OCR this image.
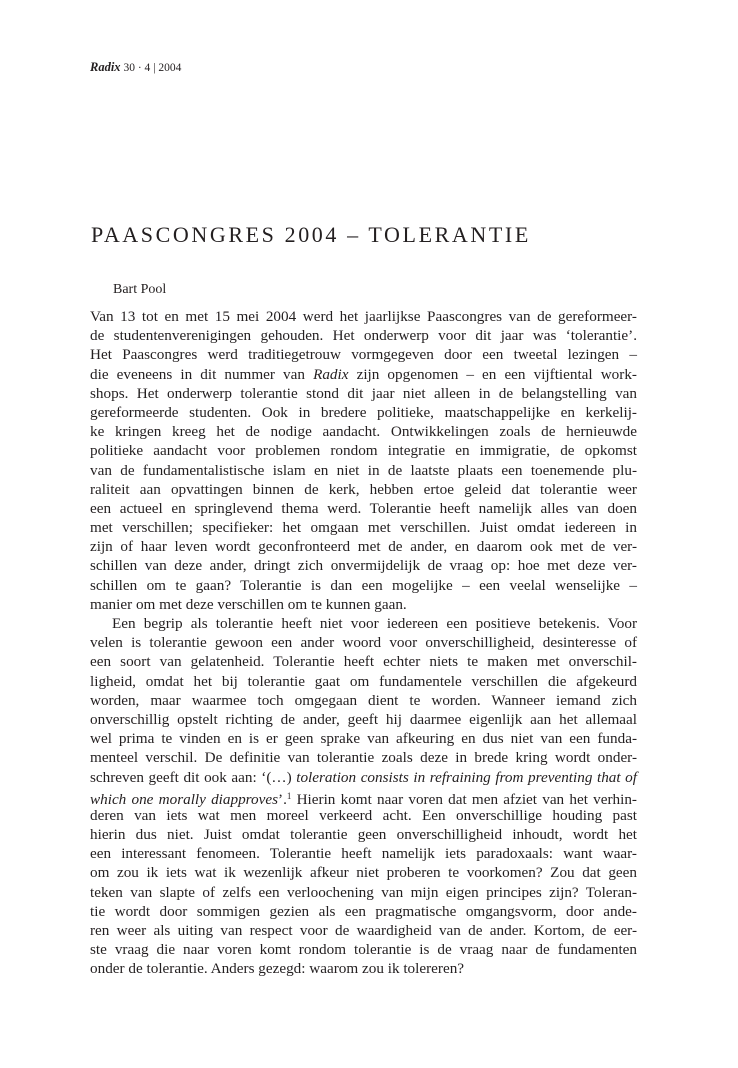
Radix 30 · 4 | 2004
PAASCONGRES 2004 – TOLERANTIE
Bart Pool
Van 13 tot en met 15 mei 2004 werd het jaarlijkse Paascongres van de gereformeer-
de studentenverenigingen gehouden. Het onderwerp voor dit jaar was ‘tolerantie’.
Het Paascongres werd traditiegetrouw vormgegeven door een tweetal lezingen –
die eveneens in dit nummer van Radix zijn opgenomen – en een vijftiental work-
shops. Het onderwerp tolerantie stond dit jaar niet alleen in de belangstelling van
gereformeerde studenten. Ook in bredere politieke, maatschappelijke en kerkelij-
ke kringen kreeg het de nodige aandacht. Ontwikkelingen zoals de hernieuwde
politieke aandacht voor problemen rondom integratie en immigratie, de opkomst
van de fundamentalistische islam en niet in de laatste plaats een toenemende plu-
raliteit aan opvattingen binnen de kerk, hebben ertoe geleid dat tolerantie weer
een actueel en springlevend thema werd. Tolerantie heeft namelijk alles van doen
met verschillen; specifieker: het omgaan met verschillen. Juist omdat iedereen in
zijn of haar leven wordt geconfronteerd met de ander, en daarom ook met de ver-
schillen van deze ander, dringt zich onvermijdelijk de vraag op: hoe met deze ver-
schillen om te gaan? Tolerantie is dan een mogelijke – een veelal wenselijke –
manier om met deze verschillen om te kunnen gaan.
Een begrip als tolerantie heeft niet voor iedereen een positieve betekenis. Voor
velen is tolerantie gewoon een ander woord voor onverschilligheid, desinteresse of
een soort van gelatenheid. Tolerantie heeft echter niets te maken met onverschil-
ligheid, omdat het bij tolerantie gaat om fundamentele verschillen die afgekeurd
worden, maar waarmee toch omgegaan dient te worden. Wanneer iemand zich
onverschillig opstelt richting de ander, geeft hij daarmee eigenlijk aan het allemaal
wel prima te vinden en is er geen sprake van afkeuring en dus niet van een funda-
menteel verschil. De definitie van tolerantie zoals deze in brede kring wordt onder-
schreven geeft dit ook aan: ‘(…) toleration consists in refraining from preventing that of
which one morally diapproves’.$^1$ Hierin komt naar voren dat men afziet van het verhin-
deren van iets wat men moreel verkeerd acht. Een onverschillige houding past
hierin dus niet. Juist omdat tolerantie geen onverschilligheid inhoudt, wordt het
een interessant fenomeen. Tolerantie heeft namelijk iets paradoxaals: want waar-
om zou ik iets wat ik wezenlijk afkeur niet proberen te voorkomen? Zou dat geen
teken van slapte of zelfs een verloochening van mijn eigen principes zijn? Toleran-
tie wordt door sommigen gezien als een pragmatische omgangsvorm, door ande-
ren weer als uiting van respect voor de waardigheid van de ander. Kortom, de eer-
ste vraag die naar voren komt rondom tolerantie is de vraag naar de fundamenten
onder de tolerantie. Anders gezegd: waarom zou ik tolereren?
